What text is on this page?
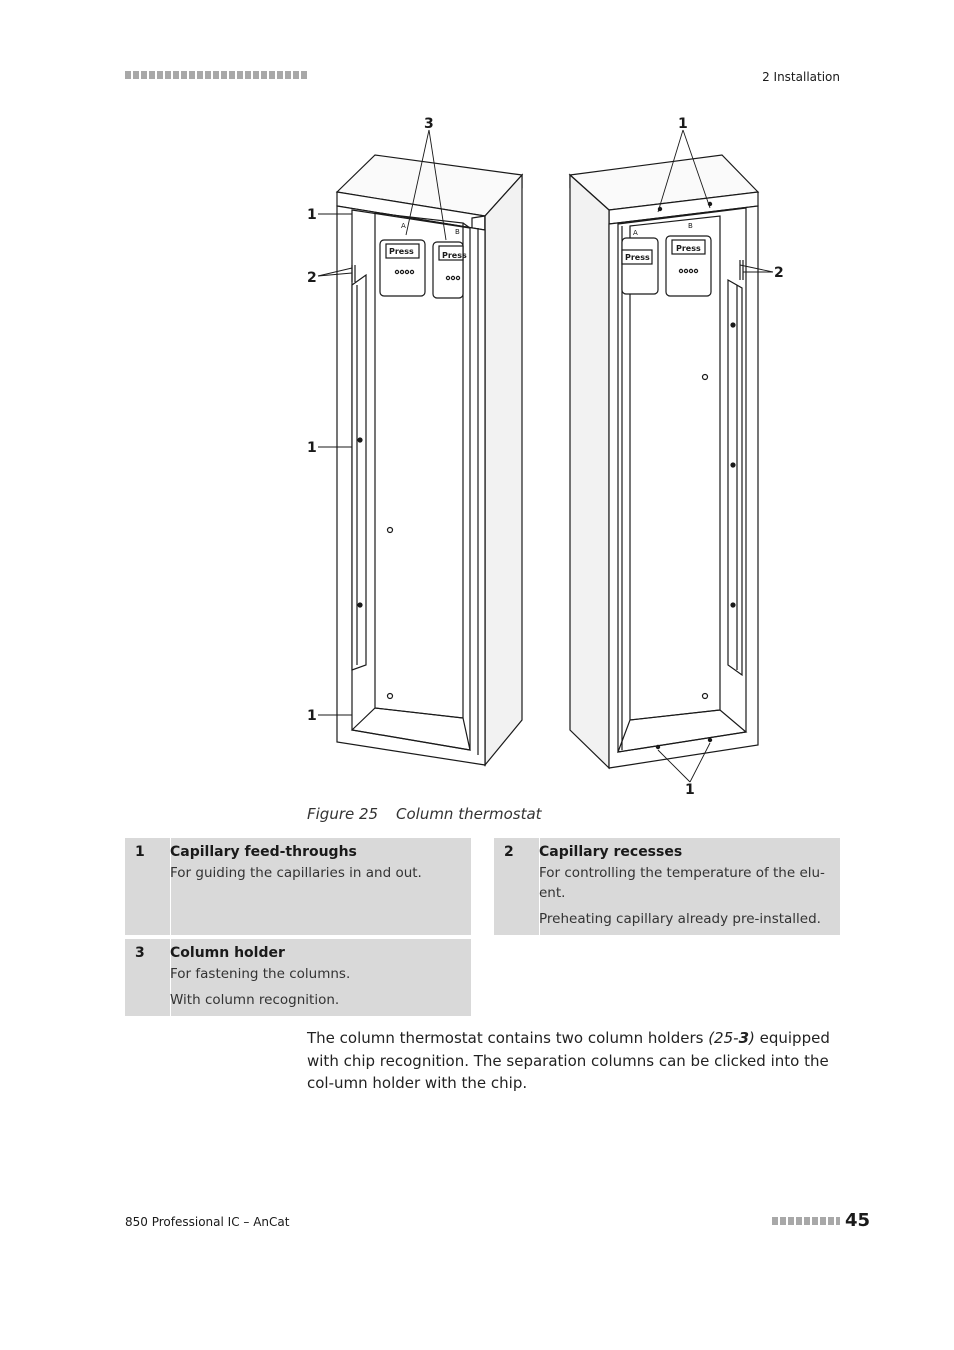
2 Installation
Press	Press
A
B
Press
Press
A
B
3	1
1
2
1
1
2
1
Figure 25 Column thermostat
1 Capillary feed-throughs
For guiding the capillaries in and out.
2 Capillary recesses
For controlling the temperature of the elu-
ent.
Preheating capillary already pre-installed.
3 Column holder
For fastening the columns.
With column recognition.
The column thermostat contains two column holders (25-3) equipped with chip recognition. The separation columns can be clicked into the col-umn holder with the chip.
850 Professional IC – AnCat	45
